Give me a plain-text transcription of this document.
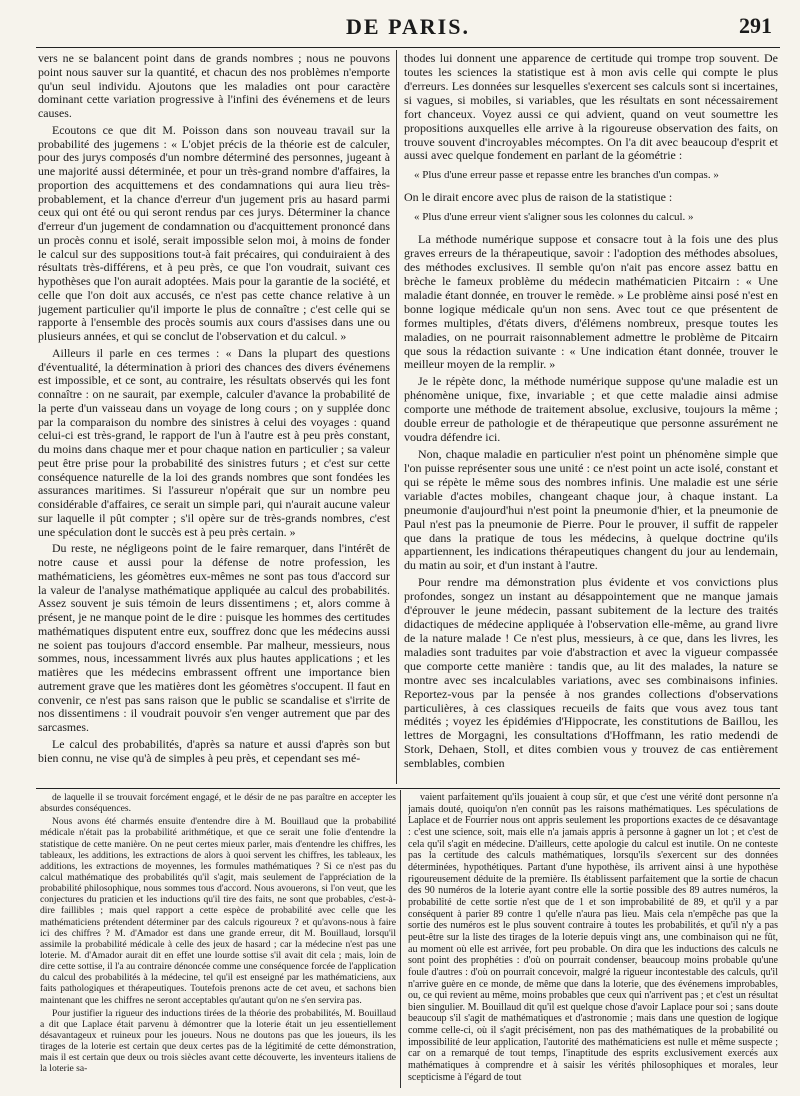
DE PARIS.	291

vers ne se balancent point dans de grands nombres ; nous ne pouvons point nous sauver sur la quantité, et chacun des nos problèmes n'emporte qu'un seul individu. Ajoutons que les maladies ont pour caractère dominant cette variation progressive à l'infini des événemens et de leurs causes.

Ecoutons ce que dit M. Poisson dans son nouveau travail sur la probabilité des jugemens : « L'objet précis de la théorie est de calculer, pour des jurys composés d'un nombre déterminé des personnes, jugeant à une majorité aussi déterminée, et pour un très-grand nombre d'affaires, la proportion des acquittemens et des condamnations qui aura lieu très-probablement, et la chance d'erreur d'un jugement pris au hasard parmi ceux qui ont été ou qui seront rendus par ces jurys. Déterminer la chance d'erreur d'un jugement de condamnation ou d'acquittement prononcé dans un procès connu et isolé, serait impossible selon moi, à moins de fonder le calcul sur des suppositions tout-à fait précaires, qui conduiraient à des résultats très-différens, et à peu près, ce que l'on voudrait, suivant ces hypothèses que l'on aurait adoptées. Mais pour la garantie de la société, et celle que l'on doit aux accusés, ce n'est pas cette chance relative à un jugement particulier qu'il importe le plus de connaître ; c'est celle qui se rapporte à l'ensemble des procès soumis aux cours d'assises dans une ou plusieurs années, et qui se conclut de l'observation et du calcul. »

Ailleurs il parle en ces termes : « Dans la plupart des questions d'éventualité, la détermination à priori des chances des divers événemens est impossible, et ce sont, au contraire, les résultats observés qui les font connaître : on ne saurait, par exemple, calculer d'avance la probabilité de la perte d'un vaisseau dans un voyage de long cours ; on y supplée donc par la comparaison du nombre des sinistres à celui des voyages : quand celui-ci est très-grand, le rapport de l'un à l'autre est à peu près constant, du moins dans chaque mer et pour chaque nation en particulier ; sa valeur peut être prise pour la probabilité des sinistres futurs ; et c'est sur cette conséquence naturelle de la loi des grands nombres que sont fondées les assurances maritimes. Si l'assureur n'opérait que sur un nombre peu considérable d'affaires, ce serait un simple pari, qui n'aurait aucune valeur sur laquelle il pût compter ; s'il opère sur de très-grands nombres, c'est une spéculation dont le succès est à peu près certain. »

Du reste, ne négligeons point de le faire remarquer, dans l'intérêt de notre cause et aussi pour la défense de notre profession, les mathématiciens, les géomètres eux-mêmes ne sont pas tous d'accord sur la valeur de l'analyse mathématique appliquée au calcul des probabilités. Assez souvent je suis témoin de leurs dissentimens ; et, alors comme à présent, je ne manque point de le dire : puisque les hommes des certitudes mathématiques disputent entre eux, souffrez donc que les médecins aussi ne soient pas toujours d'accord ensemble. Par malheur, messieurs, nous sommes, nous, incessamment livrés aux plus hautes applications ; et les matières que les médecins embrassent offrent une importance bien autrement grave que les matières dont les géomètres s'occupent. Il faut en convenir, ce n'est pas sans raison que le public se scandalise et s'irrite de nos dissentimens : il voudrait pouvoir s'en venger autrement que par des sarcasmes.

Le calcul des probabilités, d'après sa nature et aussi d'après son but bien connu, ne vise qu'à de simples à peu près, et cependant ses mé-

thodes lui donnent une apparence de certitude qui trompe trop souvent. De toutes les sciences la statistique est à mon avis celle qui compte le plus d'erreurs. Les données sur lesquelles s'exercent ses calculs sont si incertaines, si vagues, si mobiles, si variables, que les résultats en sont nécessairement fort chanceux. Voyez aussi ce qui advient, quand on veut soumettre les propositions auxquelles elle arrive à la rigoureuse observation des faits, on trouve souvent d'incroyables mécomptes. On l'a dit avec beaucoup d'esprit et aussi avec quelque fondement en parlant de la géométrie :

« Plus d'une erreur passe et repasse entre les branches d'un compas. »

On le dirait encore avec plus de raison de la statistique :

« Plus d'une erreur vient s'aligner sous les colonnes du calcul. »

La méthode numérique suppose et consacre tout à la fois une des plus graves erreurs de la thérapeutique, savoir : l'adoption des méthodes absolues, des méthodes exclusives. Il semble qu'on n'ait pas encore assez battu en brèche le fameux problème du médecin mathématicien Pitcairn : « Une maladie étant donnée, en trouver le remède. » Le problème ainsi posé n'est en bonne logique médicale qu'un non sens. Avec tout ce que présentent de formes multiples, d'états divers, d'élémens nombreux, presque toutes les maladies, on ne pourrait raisonnablement admettre le problème de Pitcairn que sous la rédaction suivante : « Une indication étant donnée, trouver le meilleur moyen de la remplir. »

Je le répète donc, la méthode numérique suppose qu'une maladie est un phénomène unique, fixe, invariable ; et que cette maladie ainsi admise comporte une méthode de traitement absolue, exclusive, toujours la même ; double erreur de pathologie et de thérapeutique que personne assurément ne voudra défendre ici.

Non, chaque maladie en particulier n'est point un phénomène simple que l'on puisse représenter sous une unité : ce n'est point un acte isolé, constant et qui se répète le même sous des nombres infinis. Une maladie est une série variable d'actes mobiles, changeant chaque jour, à chaque instant. La pneumonie d'aujourd'hui n'est point la pneumonie d'hier, et la pneumonie de Paul n'est pas la pneumonie de Pierre. Pour le prouver, il suffit de rappeler que dans la pratique de tous les médecins, à quelque doctrine qu'ils appartiennent, les indications thérapeutiques changent du jour au lendemain, du matin au soir, et d'un instant à l'autre.

Pour rendre ma démonstration plus évidente et vos convictions plus profondes, songez un instant au désappointement que ne manque jamais d'éprouver le jeune médecin, passant subitement de la lecture des traités didactiques de médecine appliquée à l'observation elle-même, au grand livre de la nature malade ! Ce n'est plus, messieurs, à ce que, dans les livres, les maladies sont traduites par voie d'abstraction et avec la vigueur compassée que comporte cette manière : tandis que, au lit des malades, la nature se montre avec ses incalculables variations, avec ses combinaisons infinies. Reportez-vous par la pensée à nos grandes collections d'observations particulières, à ces classiques recueils de faits que vous avez tous tant médités ; voyez les épidémies d'Hippocrate, les constitutions de Baillou, les lettres de Morgagni, les consultations d'Hoffmann, les ratio medendi de Stork, Dehaen, Stoll, et dites combien vous y trouvez de cas entièrement semblables, combien

de laquelle il se trouvait forcément engagé, et le désir de ne pas paraître en accepter les absurdes conséquences.

Nous avons été charmés ensuite d'entendre dire à M. Bouillaud que la probabilité médicale n'était pas la probabilité arithmétique, et que ce serait une folie d'entendre la statistique de cette manière. On ne peut certes mieux parler, mais d'entendre les chiffres, les tableaux, les additions, les extractions de alors à quoi servent les chiffres, les tableaux, les additions, les extractions de moyennes, les formules mathématiques ? Si ce n'est pas du calcul mathématique des probabilités qu'il s'agit, mais seulement de l'appréciation de la probabilité philosophique, nous sommes tous d'accord. Nous avouerons, si l'on veut, que les conjectures du praticien et les inductions qu'il tire des faits, ne sont que probables, c'est-à-dire faillibles ; mais quel rapport a cette espèce de probabilité avec celle que les mathématiciens prétendent déterminer par des calculs rigoureux ? et qu'avons-nous à faire ici des chiffres ? M. d'Amador est dans une grande erreur, dit M. Bouillaud, lorsqu'il assimile la probabilité médicale à celle des jeux de hasard ; car la médecine n'est pas une loterie. M. d'Amador aurait dit en effet une lourde sottise s'il avait dit cela ; mais, loin de dire cette sottise, il l'a au contraire dénoncée comme une conséquence forcée de l'application du calcul des probabilités à la médecine, tel qu'il est enseigné par les mathématiciens, aux faits pathologiques et thérapeutiques. Toutefois prenons acte de cet aveu, et sachons bien maintenant que les chiffres ne seront acceptables qu'autant qu'on ne s'en servira pas.

Pour justifier la rigueur des inductions tirées de la théorie des probabilités, M. Bouillaud a dit que Laplace était parvenu à démontrer que la loterie était un jeu essentiellement désavantageux et ruineux pour les joueurs. Nous ne doutons pas que les joueurs, ils les tirages de la loterie est certain que deux certes pas de la légitimité de cette démonstration, mais il est certain que deux ou trois siècles avant cette découverte, les inventeurs italiens de la loterie sa-

vaient parfaitement qu'ils jouaient à coup sûr, et que c'est une vérité dont personne n'a jamais douté, quoiqu'on n'en connût pas les raisons mathématiques. Les spéculations de Laplace et de Fourrier nous ont appris seulement les proportions exactes de ce désavantage : c'est une science, soit, mais elle n'a jamais appris à personne à gagner un lot ; et c'est de cela qu'il s'agit en médecine. D'ailleurs, cette apologie du calcul est inutile. On ne conteste pas la certitude des calculs mathématiques, lorsqu'ils s'exercent sur des données déterminées, hypothétiques. Partant d'une hypothèse, ils arrivent ainsi à une hypothèse rigoureusement déduite de la première. Ils établissent parfaitement que la sortie de chacun des 90 numéros de la loterie ayant contre elle la sortie possible des 89 autres numéros, la probabilité de cette sortie n'est que de 1 et son improbabilité de 89, et qu'il y a par conséquent à parier 89 contre 1 qu'elle n'aura pas lieu. Mais cela n'empêche pas que la sortie des numéros est le plus souvent contraire à toutes les probabilités, et qu'il n'y a pas peut-être sur la liste des tirages de la loterie depuis vingt ans, une combinaison qui ne fût, au moment où elle est arrivée, fort peu probable. On dira que les inductions des calculs ne sont point des prophéties : d'où on pourrait condenser, beaucoup moins probable qu'une foule d'autres : d'où on pourrait concevoir, malgré la rigueur incontestable des calculs, qu'il n'arrive guère en ce monde, de même que dans la loterie, que des événemens improbables, ou, ce qui revient au même, moins probables que ceux qui n'arrivent pas ; et c'est un résultat bien singulier. M. Bouillaud dit qu'il est quelque chose d'avoir Laplace pour soi ; sans doute beaucoup s'il s'agit de mathématiques et d'astronomie ; mais dans une question de logique comme celle-ci, où il s'agit précisément, non pas des mathématiques de la probabilité ou impossibilité de leur application, l'autorité des mathématiciens est nulle et même suspecte ; car on a remarqué de tout temps, l'inaptitude des esprits exclusivement exercés aux mathématiques à comprendre et à saisir les vérités philosophiques et morales, leur scepticisme à l'égard de tout
